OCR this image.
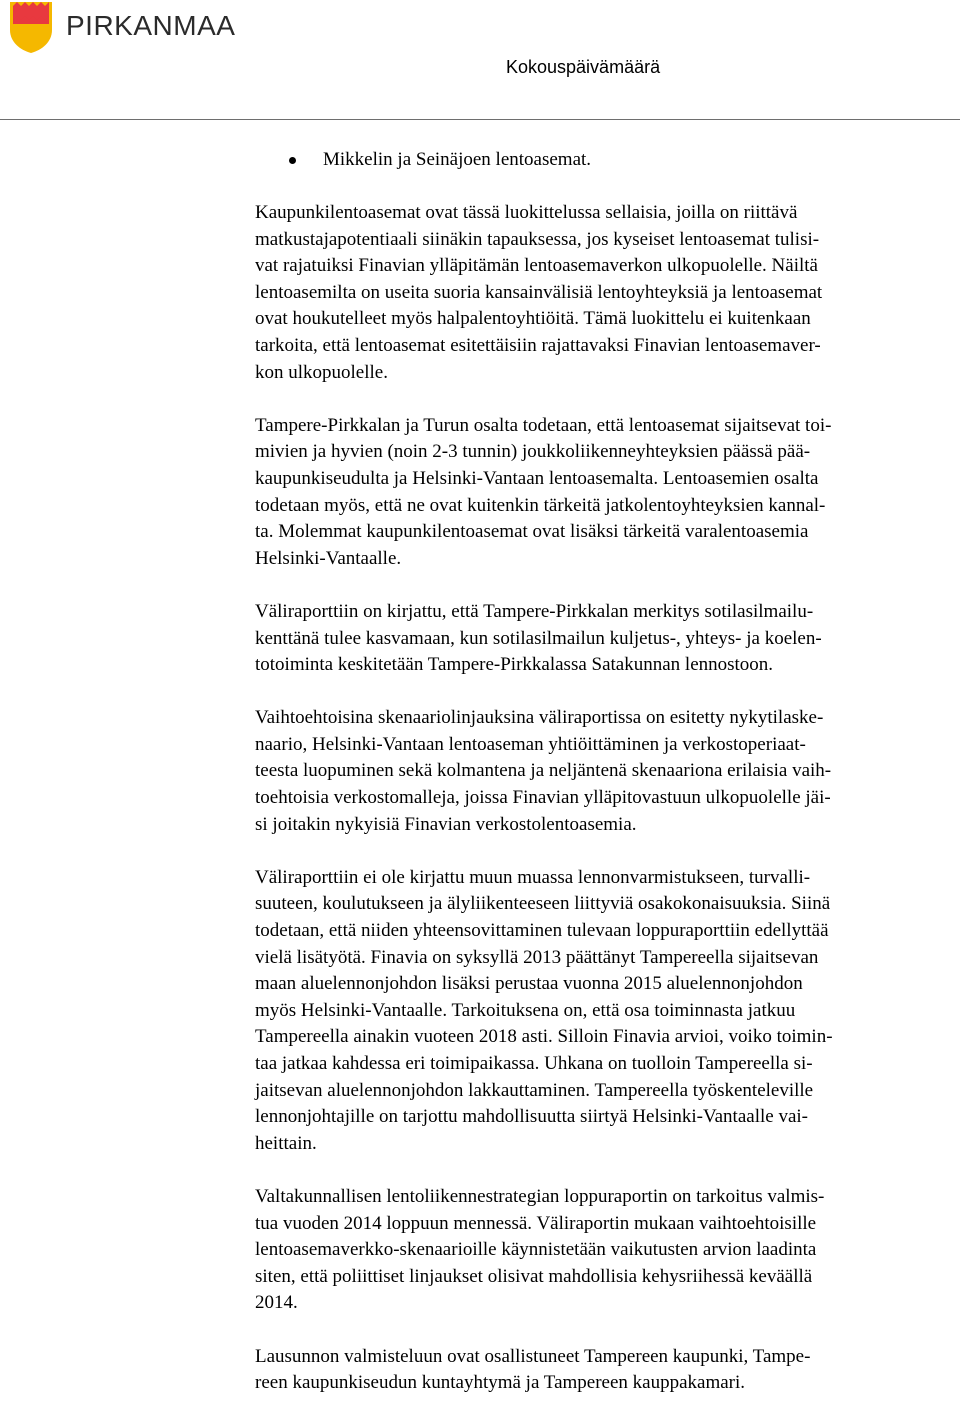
PIRKANMAA
Kokouspäivämäärä
Mikkelin ja Seinäjoen lentoasemat.

Kaupunkilentoasemat ovat tässä luokittelussa sellaisia, joilla on riittävä
matkustajapotentiaali siinäkin tapauksessa, jos kyseiset lentoasemat tulisi-
vat rajatuiksi Finavian ylläpitämän lentoasemaverkon ulkopuolelle. Näiltä
lentoasemilta on useita suoria kansainvälisiä lentoyhteyksiä ja lentoasemat
ovat houkutelleet myös halpalentoyhtiöitä. Tämä luokittelu ei kuitenkaan
tarkoita, että lentoasemat esitettäisiin rajattavaksi Finavian lentoasemaver-
kon ulkopuolelle.

Tampere-Pirkkalan ja Turun osalta todetaan, että lentoasemat sijaitsevat toi-
mivien ja hyvien (noin 2-3 tunnin) joukkoliikenneyhteyksien päässä pää-
kaupunkiseudulta ja Helsinki-Vantaan lentoasemalta. Lentoasemien osalta
todetaan myös, että ne ovat kuitenkin tärkeitä jatkolentoyhteyksien kannal-
ta. Molemmat kaupunkilentoasemat ovat lisäksi tärkeitä varalentoasemia
Helsinki-Vantaalle.

Väliraporttiin on kirjattu, että Tampere-Pirkkalan merkitys sotilasilmailu-
kenttänä tulee kasvamaan, kun sotilasilmailun kuljetus-, yhteys- ja koelen-
totoiminta keskitetään Tampere-Pirkkalassa Satakunnan lennostoon.

Vaihtoehtoisina skenaariolinjauksina väliraportissa on esitetty nykytilaske-
naario, Helsinki-Vantaan lentoaseman yhtiöittäminen ja verkostoperiaat-
teesta luopuminen sekä kolmantena ja neljäntenä skenaariona erilaisia vaih-
toehtoisia verkostomalleja, joissa Finavian ylläpitovastuun ulkopuolelle jäi-
si joitakin nykyisiä Finavian verkostolentoasemia.

Väliraporttiin ei ole kirjattu muun muassa lennonvarmistukseen, turvalli-
suuteen, koulutukseen ja älyliikenteeseen liittyviä osakokonaisuuksia. Siinä
todetaan, että niiden yhteensovittaminen tulevaan loppuraporttiin edellyttää
vielä lisätyötä. Finavia on syksyllä 2013 päättänyt Tampereella sijaitsevan
maan aluelennonjohdon lisäksi perustaa vuonna 2015 aluelennonjohdon
myös Helsinki-Vantaalle. Tarkoituksena on, että osa toiminnasta jatkuu
Tampereella ainakin vuoteen 2018 asti. Silloin Finavia arvioi, voiko toimin-
taa jatkaa kahdessa eri toimipaikassa. Uhkana on tuolloin Tampereella si-
jaitsevan aluelennonjohdon lakkauttaminen. Tampereella työskenteleville
lennonjohtajille on tarjottu mahdollisuutta siirtyä Helsinki-Vantaalle vai-
heittain.

Valtakunnallisen lentoliikennestrategian loppuraportin on tarkoitus valmis-
tua vuoden 2014 loppuun mennessä. Väliraportin mukaan vaihtoehtoisille
lentoasemaverkko-skenaarioille käynnistetään vaikutusten arvion laadinta
siten, että poliittiset linjaukset olisivat mahdollisia kehysriihessä keväällä
2014.

Lausunnon valmisteluun ovat osallistuneet Tampereen kaupunki, Tampe-
reen kaupunkiseudun kuntayhtymä ja Tampereen kauppakamari.
